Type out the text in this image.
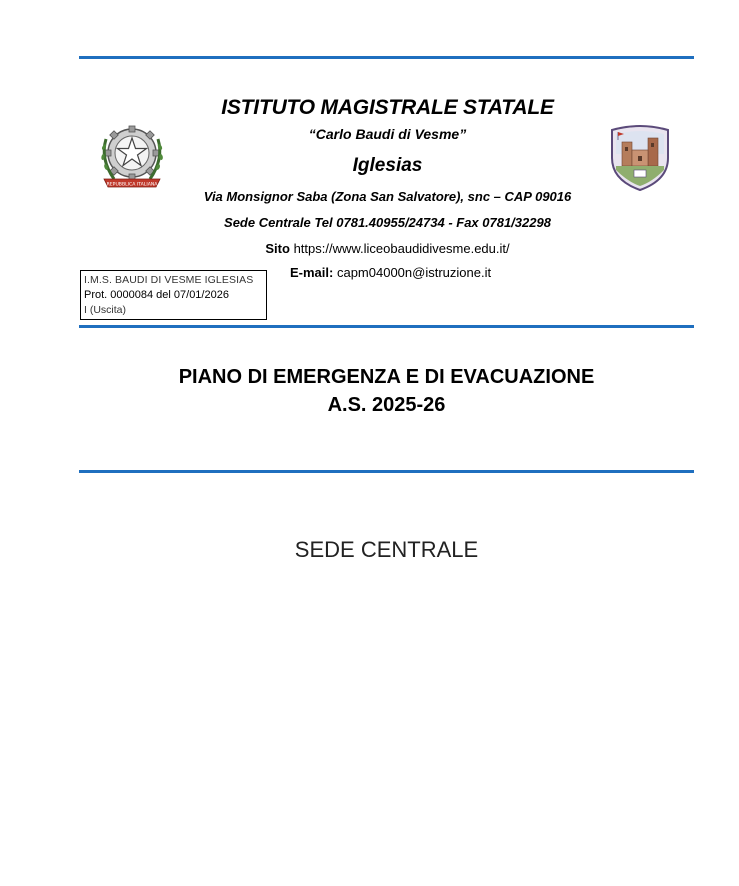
REPUBBLICA ITALIANA
ISTITUTO MAGISTRALE STATALE
“Carlo Baudi di Vesme”
Iglesias
Via Monsignor Saba (Zona San Salvatore), snc – CAP 09016
Sede Centrale Tel 0781.40955/24734 - Fax 0781/32298
Sito https://www.liceobaudidivesme.edu.it/
E-mail: capm04000n@istruzione.it
I.M.S. BAUDI DI VESME IGLESIAS
Prot. 0000084 del 07/01/2026
I (Uscita)
PIANO DI EMERGENZA E DI EVACUAZIONE
A.S. 2025-26
SEDE CENTRALE
